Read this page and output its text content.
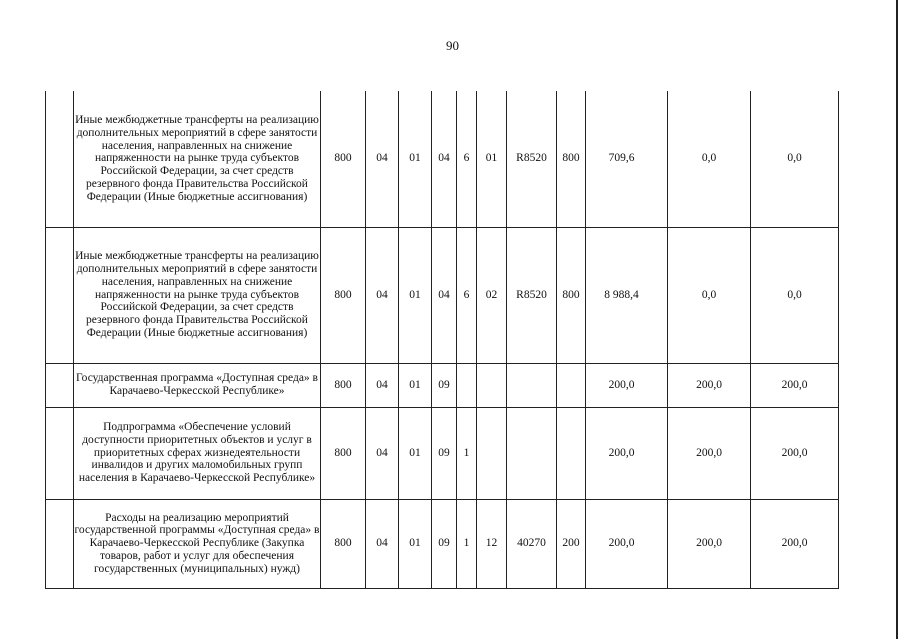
90
	Иные межбюджетные трансферты на реализацию дополнительных мероприятий в сфере занятости населения, направленных на снижение напряженности на рынке труда субъектов Российской Федерации, за счет средств резервного фонда Правительства Российской Федерации (Иные бюджетные ассигнования)	800	04	01	04	6	01	R8520	800	709,6	0,0	0,0
	Иные межбюджетные трансферты на реализацию дополнительных мероприятий в сфере занятости населения, направленных на снижение напряженности на рынке труда субъектов Российской Федерации, за счет средств резервного фонда Правительства Российской Федерации (Иные бюджетные ассигнования)	800	04	01	04	6	02	R8520	800	8 988,4	0,0	0,0
	Государственная программа «Доступная среда» в Карачаево-Черкесской Республике»	800	04	01	09					200,0	200,0	200,0
	Подпрограмма «Обеспечение условий доступности приоритетных объектов и услуг в приоритетных сферах жизнедеятельности инвалидов и других маломобильных групп населения в Карачаево-Черкесской Республике»	800	04	01	09	1				200,0	200,0	200,0
	Расходы на реализацию мероприятий государственной программы «Доступная среда» в Карачаево-Черкесской Республике (Закупка товаров, работ и услуг для обеспечения государственных (муниципальных) нужд)	800	04	01	09	1	12	40270	200	200,0	200,0	200,0
